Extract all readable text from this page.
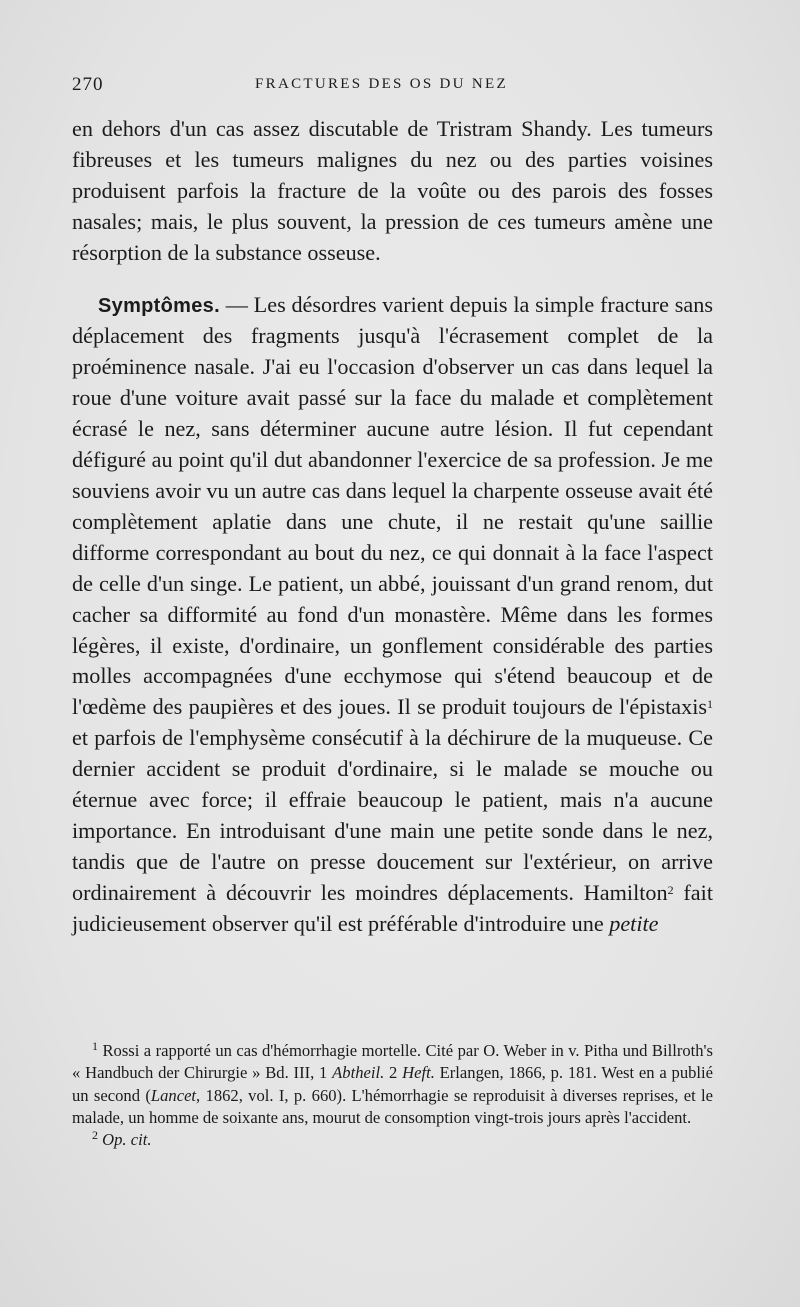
270	FRACTURES DES OS DU NEZ

en dehors d'un cas assez discutable de Tristram Shandy. Les tumeurs fibreuses et les tumeurs malignes du nez ou des parties voisines produisent parfois la fracture de la voûte ou des parois des fosses nasales; mais, le plus souvent, la pression de ces tumeurs amène une résorption de la substance osseuse.

Symptômes. — Les désordres varient depuis la simple fracture sans déplacement des fragments jusqu'à l'écrasement complet de la proéminence nasale. J'ai eu l'occasion d'observer un cas dans lequel la roue d'une voiture avait passé sur la face du malade et complètement écrasé le nez, sans déterminer aucune autre lésion. Il fut cependant défiguré au point qu'il dut abandonner l'exercice de sa profession. Je me souviens avoir vu un autre cas dans lequel la charpente osseuse avait été complètement aplatie dans une chute, il ne restait qu'une saillie difforme correspondant au bout du nez, ce qui donnait à la face l'aspect de celle d'un singe. Le patient, un abbé, jouissant d'un grand renom, dut cacher sa difformité au fond d'un monastère. Même dans les formes légères, il existe, d'ordinaire, un gonflement considérable des parties molles accompagnées d'une ecchymose qui s'étend beaucoup et de l'œdème des paupières et des joues. Il se produit toujours de l'épistaxis$^1$ et parfois de l'emphysème consécutif à la déchirure de la muqueuse. Ce dernier accident se produit d'ordinaire, si le malade se mouche ou éternue avec force; il effraie beaucoup le patient, mais n'a aucune importance. En introduisant d'une main une petite sonde dans le nez, tandis que de l'autre on presse doucement sur l'extérieur, on arrive ordinairement à découvrir les moindres déplacements. Hamilton$^2$ fait judicieusement observer qu'il est préférable d'introduire une petite

$^1$ Rossi a rapporté un cas d'hémorrhagie mortelle. Cité par O. Weber in v. Pitha und Billroth's « Handbuch der Chirurgie » Bd. III, 1 Abtheil. 2 Heft. Erlangen, 1866, p. 181. West en a publié un second (Lancet, 1862, vol. I, p. 660). L'hémorrhagie se reproduisit à diverses reprises, et le malade, un homme de soixante ans, mourut de consomption vingt-trois jours après l'accident.

$^2$ Op. cit.
